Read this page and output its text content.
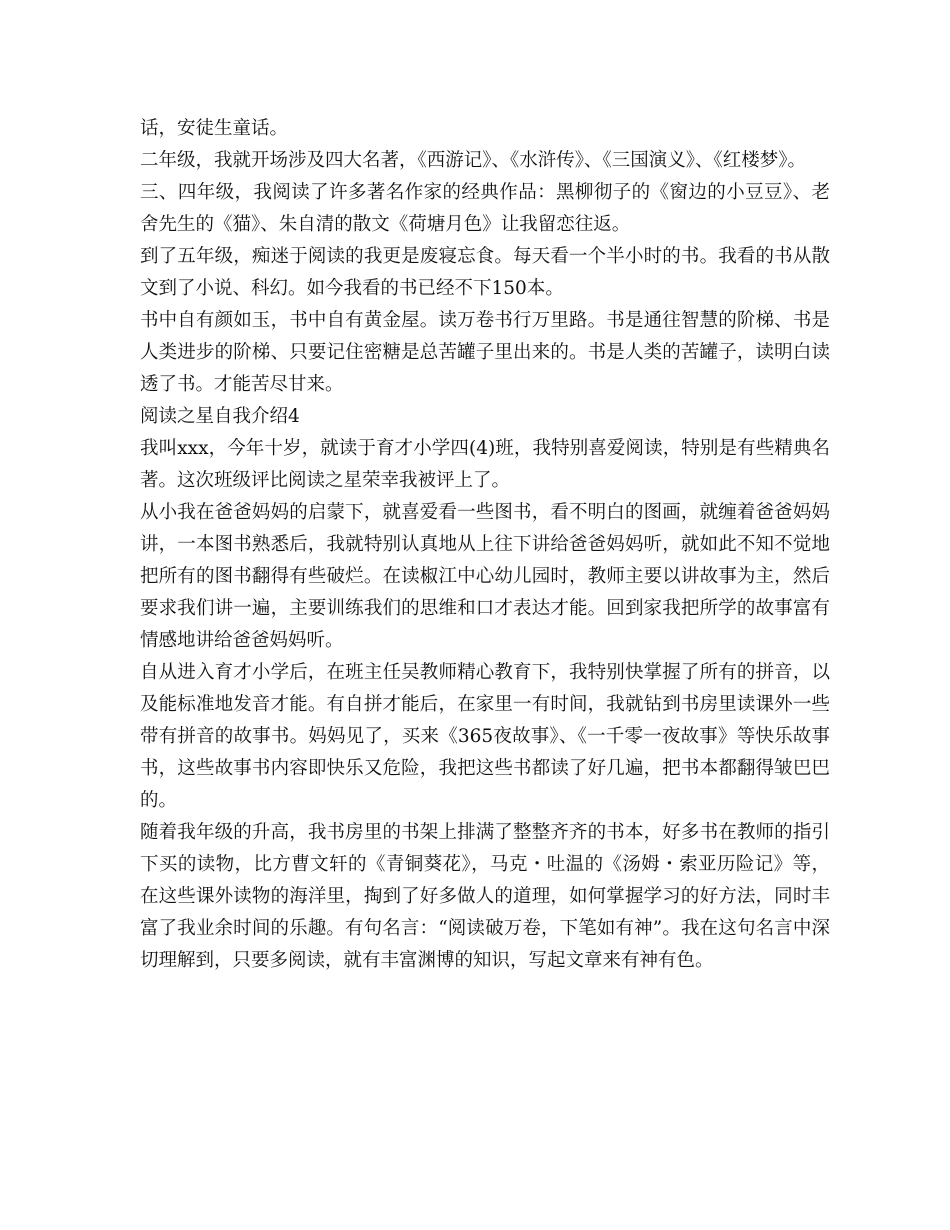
话，安徒生童话。

二年级，我就开场涉及四大名著，《西游记》、《水浒传》、《三国演义》、《红楼梦》。

三、四年级，我阅读了许多著名作家的经典作品：黑柳彻子的《窗边的小豆豆》、老舍先生的《猫》、朱自清的散文《荷塘月色》让我留恋往返。

到了五年级，痴迷于阅读的我更是废寝忘食。每天看一个半小时的书。我看的书从散文到了小说、科幻。如今我看的书已经不下150本。

书中自有颜如玉，书中自有黄金屋。读万卷书行万里路。书是通往智慧的阶梯、书是人类进步的阶梯、只要记住密糖是总苦罐子里出来的。书是人类的苦罐子，读明白读透了书。才能苦尽甘来。

阅读之星自我介绍4

我叫xxx，今年十岁，就读于育才小学四(4)班，我特别喜爱阅读，特别是有些精典名著。这次班级评比阅读之星荣幸我被评上了。

从小我在爸爸妈妈的启蒙下，就喜爱看一些图书，看不明白的图画，就缠着爸爸妈妈讲，一本图书熟悉后，我就特别认真地从上往下讲给爸爸妈妈听，就如此不知不觉地把所有的图书翻得有些破烂。在读椒江中心幼儿园时，教师主要以讲故事为主，然后要求我们讲一遍，主要训练我们的思维和口才表达才能。回到家我把所学的故事富有情感地讲给爸爸妈妈听。

自从进入育才小学后，在班主任吴教师精心教育下，我特别快掌握了所有的拼音，以及能标准地发音才能。有自拼才能后，在家里一有时间，我就钻到书房里读课外一些带有拼音的故事书。妈妈见了，买来《365夜故事》、《一千零一夜故事》等快乐故事书，这些故事书内容即快乐又危险，我把这些书都读了好几遍，把书本都翻得皱巴巴的。

随着我年级的升高，我书房里的书架上排满了整整齐齐的书本，好多书在教师的指引下买的读物，比方曹文轩的《青铜葵花》，马克・吐温的《汤姆・索亚历险记》等，在这些课外读物的海洋里，掏到了好多做人的道理，如何掌握学习的好方法，同时丰富了我业余时间的乐趣。有句名言：“阅读破万卷，下笔如有神”。我在这句名言中深切理解到，只要多阅读，就有丰富渊博的知识，写起文章来有神有色。
